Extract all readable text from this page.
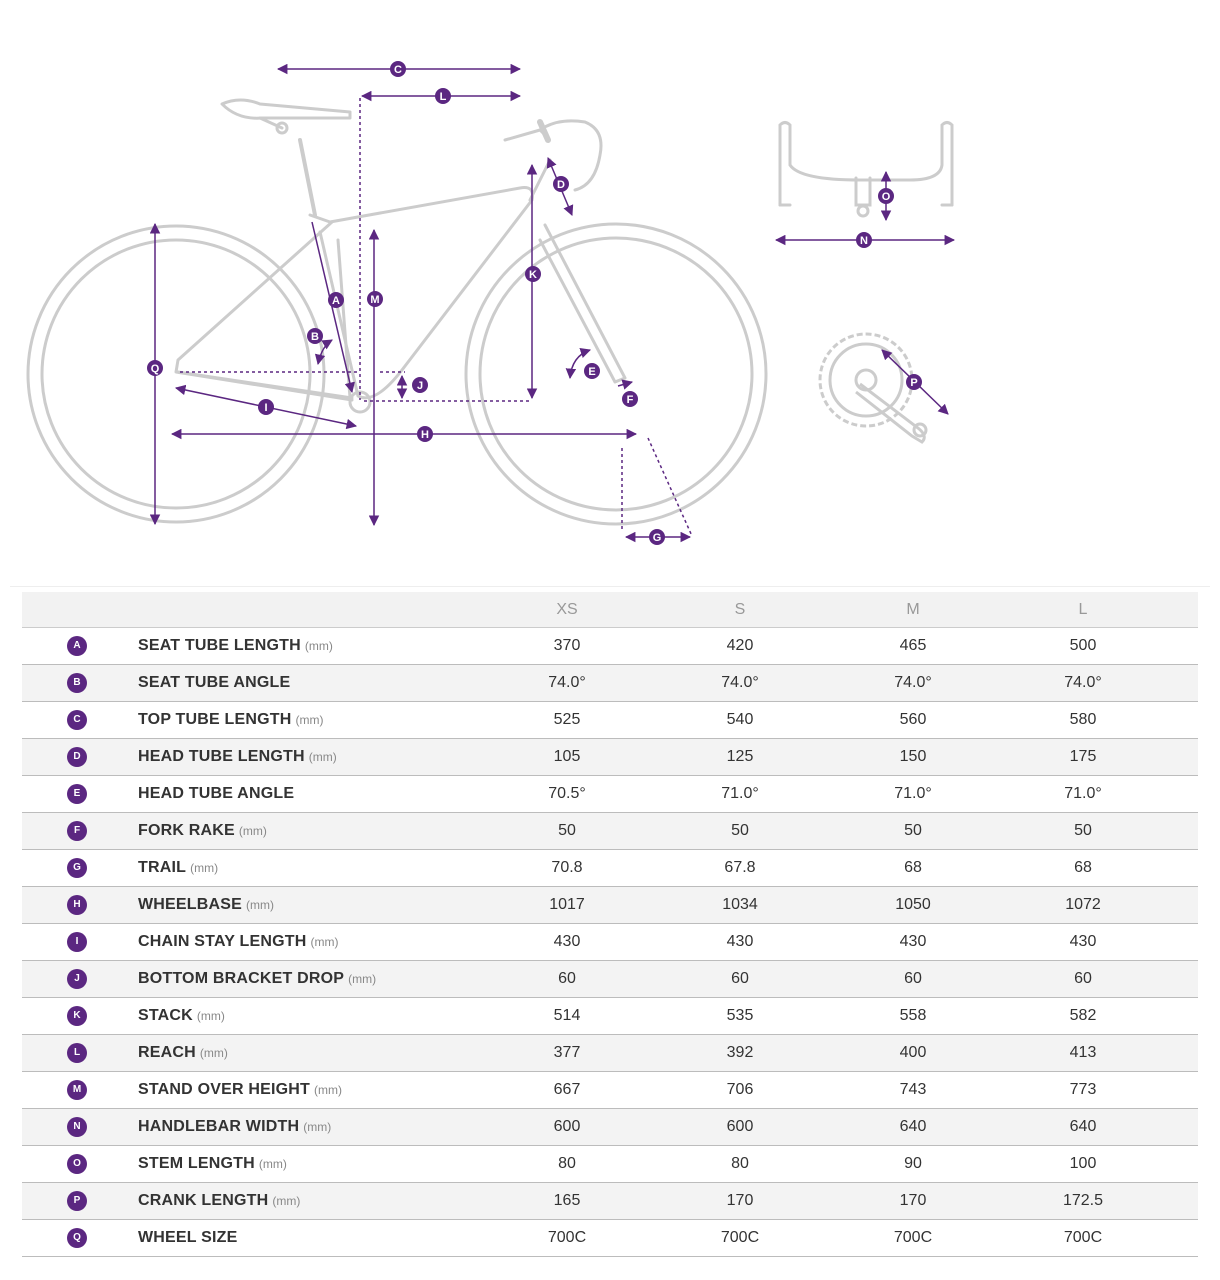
C
L
D
A	M
K
B
Q
J
E
F
I
H
G
O
N
P
		XS	S	M	L
A	SEAT TUBE LENGTH (mm)	370	420	465	500
B	SEAT TUBE ANGLE	74.0°	74.0°	74.0°	74.0°
C	TOP TUBE LENGTH (mm)	525	540	560	580
D	HEAD TUBE LENGTH (mm)	105	125	150	175
E	HEAD TUBE ANGLE	70.5°	71.0°	71.0°	71.0°
F	FORK RAKE (mm)	50	50	50	50
G	TRAIL (mm)	70.8	67.8	68	68
H	WHEELBASE (mm)	1017	1034	1050	1072
I	CHAIN STAY LENGTH (mm)	430	430	430	430
J	BOTTOM BRACKET DROP (mm)	60	60	60	60
K	STACK (mm)	514	535	558	582
L	REACH (mm)	377	392	400	413
M	STAND OVER HEIGHT (mm)	667	706	743	773
N	HANDLEBAR WIDTH (mm)	600	600	640	640
O	STEM LENGTH (mm)	80	80	90	100
P	CRANK LENGTH (mm)	165	170	170	172.5
Q	WHEEL SIZE	700C	700C	700C	700C
